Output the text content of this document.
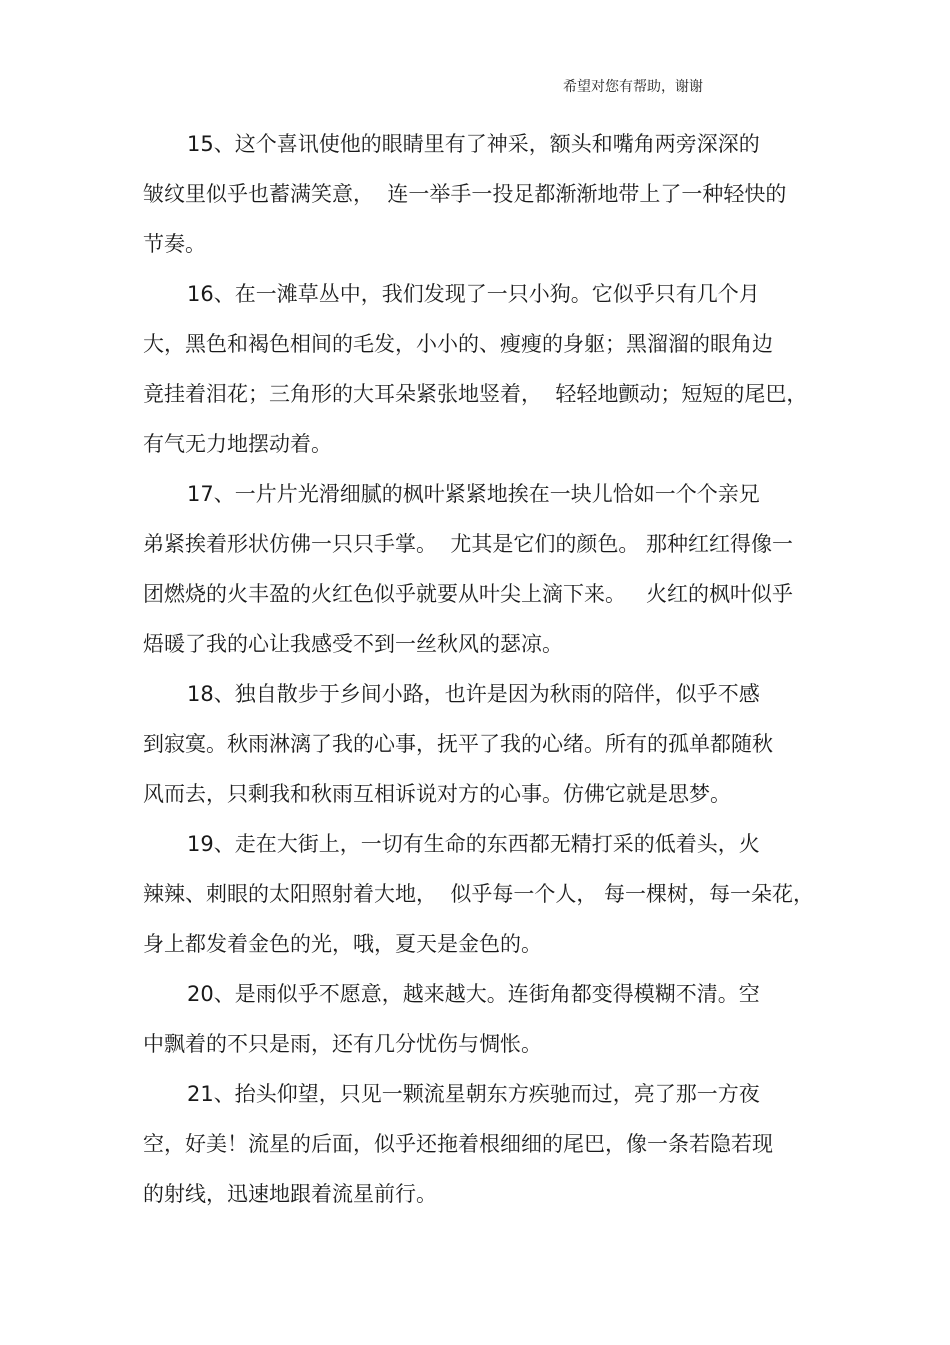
希望对您有帮助，谢谢
15、这个喜讯使他的眼睛里有了神采，额头和嘴角两旁深深的
皱纹里似乎也蓄满笑意，  连一举手一投足都渐渐地带上了一种轻快的
节奏。
16、在一滩草丛中，我们发现了一只小狗。它似乎只有几个月
大，黑色和褐色相间的毛发，小小的、瘦瘦的身躯；黑溜溜的眼角边
竟挂着泪花；三角形的大耳朵紧张地竖着，  轻轻地颤动；短短的尾巴，
有气无力地摆动着。
17、一片片光滑细腻的枫叶紧紧地挨在一块儿恰如一个个亲兄
弟紧挨着形状仿佛一只只手掌。  尤其是它们的颜色。 那种红红得像一
团燃烧的火丰盈的火红色似乎就要从叶尖上滴下来。   火红的枫叶似乎
焐暖了我的心让我感受不到一丝秋风的瑟凉。
18、独自散步于乡间小路，也许是因为秋雨的陪伴，似乎不感
到寂寞。秋雨淋漓了我的心事，抚平了我的心绪。所有的孤单都随秋
风而去，只剩我和秋雨互相诉说对方的心事。仿佛它就是思梦。
19、走在大街上，一切有生命的东西都无精打采的低着头，火
辣辣、刺眼的太阳照射着大地，  似乎每一个人， 每一棵树，每一朵花，
身上都发着金色的光，哦，夏天是金色的。
20、是雨似乎不愿意，越来越大。连街角都变得模糊不清。空
中飘着的不只是雨，还有几分忧伤与惆怅。
21、抬头仰望，只见一颗流星朝东方疾驰而过，亮了那一方夜
空，好美！流星的后面，似乎还拖着根细细的尾巴，像一条若隐若现
的射线，迅速地跟着流星前行。
